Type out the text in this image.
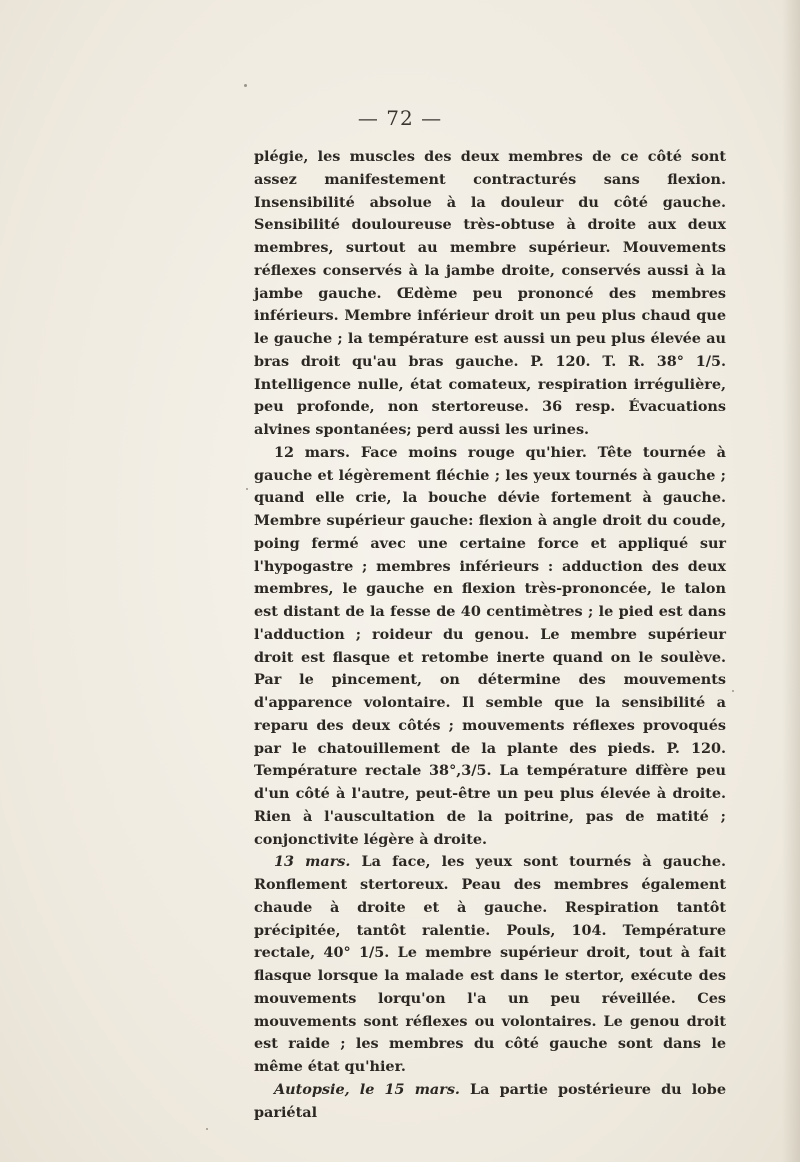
— 72 —

plégie, les muscles des deux membres de ce côté sont assez manifestement contracturés sans flexion. Insensibilité absolue à la douleur du côté gauche. Sensibilité douloureuse très-obtuse à droite aux deux membres, surtout au membre supérieur. Mouvements réflexes conservés à la jambe droite, conservés aussi à la jambe gauche. Œdème peu prononcé des membres inférieurs. Membre inférieur droit un peu plus chaud que le gauche ; la température est aussi un peu plus élevée au bras droit qu'au bras gauche. P. 120. T. R. 38° 1/5. Intelligence nulle, état comateux, respiration irrégulière, peu profonde, non stertoreuse. 36 resp. Évacuations alvines spontanées; perd aussi les urines.

12 mars. Face moins rouge qu'hier. Tête tournée à gauche et légèrement fléchie ; les yeux tournés à gauche ; quand elle crie, la bouche dévie fortement à gauche. Membre supérieur gauche: flexion à angle droit du coude, poing fermé avec une certaine force et appliqué sur l'hypogastre ; membres inférieurs : adduction des deux membres, le gauche en flexion très-prononcée, le talon est distant de la fesse de 40 centimètres ; le pied est dans l'adduction ; roideur du genou. Le membre supérieur droit est flasque et retombe inerte quand on le soulève. Par le pincement, on détermine des mouvements d'apparence volontaire. Il semble que la sensibilité a reparu des deux côtés ; mouvements réflexes provoqués par le chatouillement de la plante des pieds. P. 120. Température rectale 38°,3/5. La température diffère peu d'un côté à l'autre, peut-être un peu plus élevée à droite. Rien à l'auscultation de la poitrine, pas de matité ; conjonctivite légère à droite.

13 mars. La face, les yeux sont tournés à gauche. Ronflement stertoreux. Peau des membres également chaude à droite et à gauche. Respiration tantôt précipitée, tantôt ralentie. Pouls, 104. Température rectale, 40° 1/5. Le membre supérieur droit, tout à fait flasque lorsque la malade est dans le stertor, exécute des mouvements lorqu'on l'a un peu réveillée. Ces mouvements sont réflexes ou volontaires. Le genou droit est raide ; les membres du côté gauche sont dans le même état qu'hier.

Autopsie, le 15 mars. La partie postérieure du lobe pariétal
